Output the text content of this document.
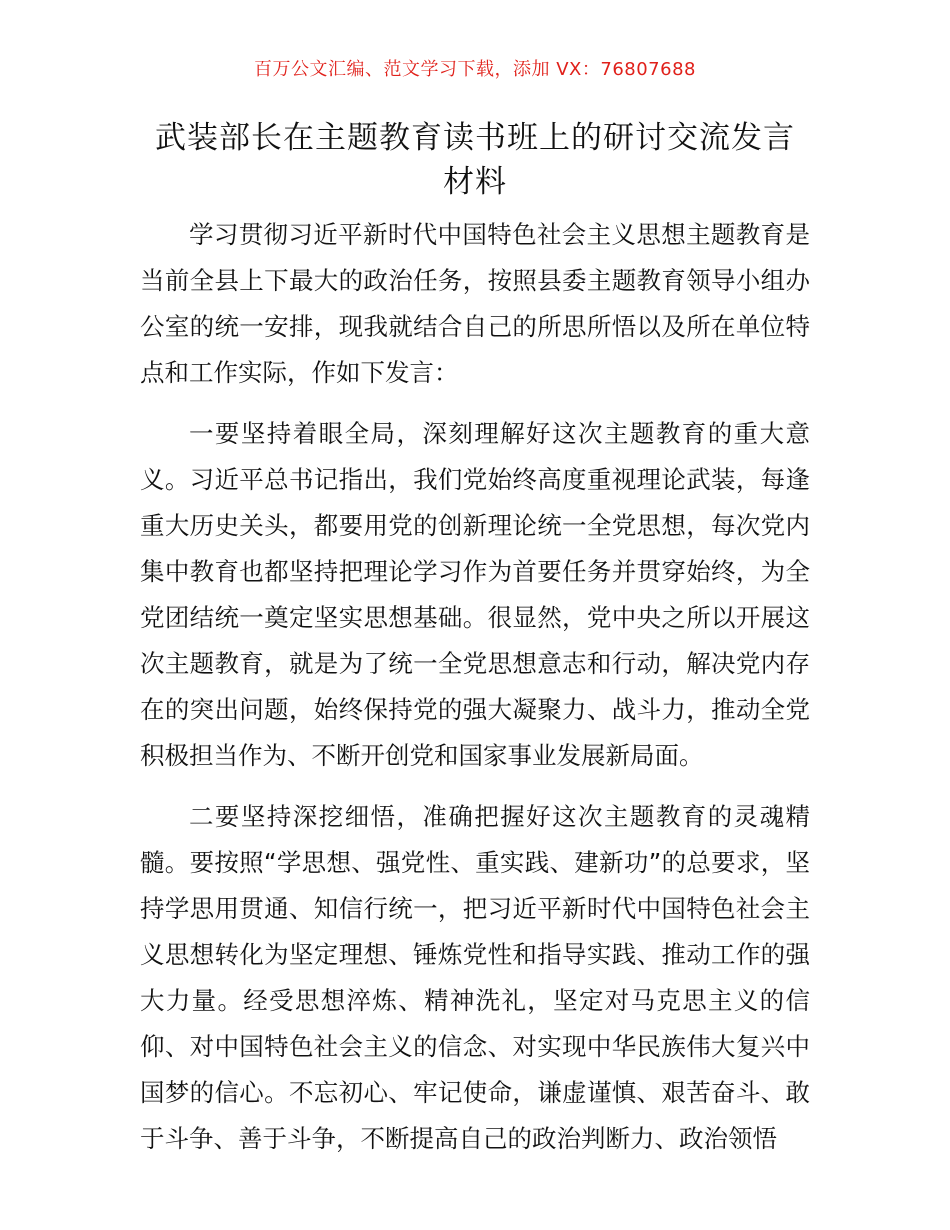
百万公文汇编、范文学习下载，添加 VX：76807688
武装部长在主题教育读书班上的研讨交流发言材料

学习贯彻习近平新时代中国特色社会主义思想主题教育是当前全县上下最大的政治任务，按照县委主题教育领导小组办公室的统一安排，现我就结合自己的所思所悟以及所在单位特点和工作实际，作如下发言：

一要坚持着眼全局，深刻理解好这次主题教育的重大意义。习近平总书记指出，我们党始终高度重视理论武装，每逢重大历史关头，都要用党的创新理论统一全党思想，每次党内集中教育也都坚持把理论学习作为首要任务并贯穿始终，为全党团结统一奠定坚实思想基础。很显然，党中央之所以开展这次主题教育，就是为了统一全党思想意志和行动，解决党内存在的突出问题，始终保持党的强大凝聚力、战斗力，推动全党积极担当作为、不断开创党和国家事业发展新局面。

二要坚持深挖细悟，准确把握好这次主题教育的灵魂精髓。要按照“学思想、强党性、重实践、建新功”的总要求，坚持学思用贯通、知信行统一，把习近平新时代中国特色社会主义思想转化为坚定理想、锤炼党性和指导实践、推动工作的强大力量。经受思想淬炼、精神洗礼，坚定对马克思主义的信仰、对中国特色社会主义的信念、对实现中华民族伟大复兴中国梦的信心。不忘初心、牢记使命，谦虚谨慎、艰苦奋斗、敢于斗争、善于斗争，不断提高自己的政治判断力、政治领悟
